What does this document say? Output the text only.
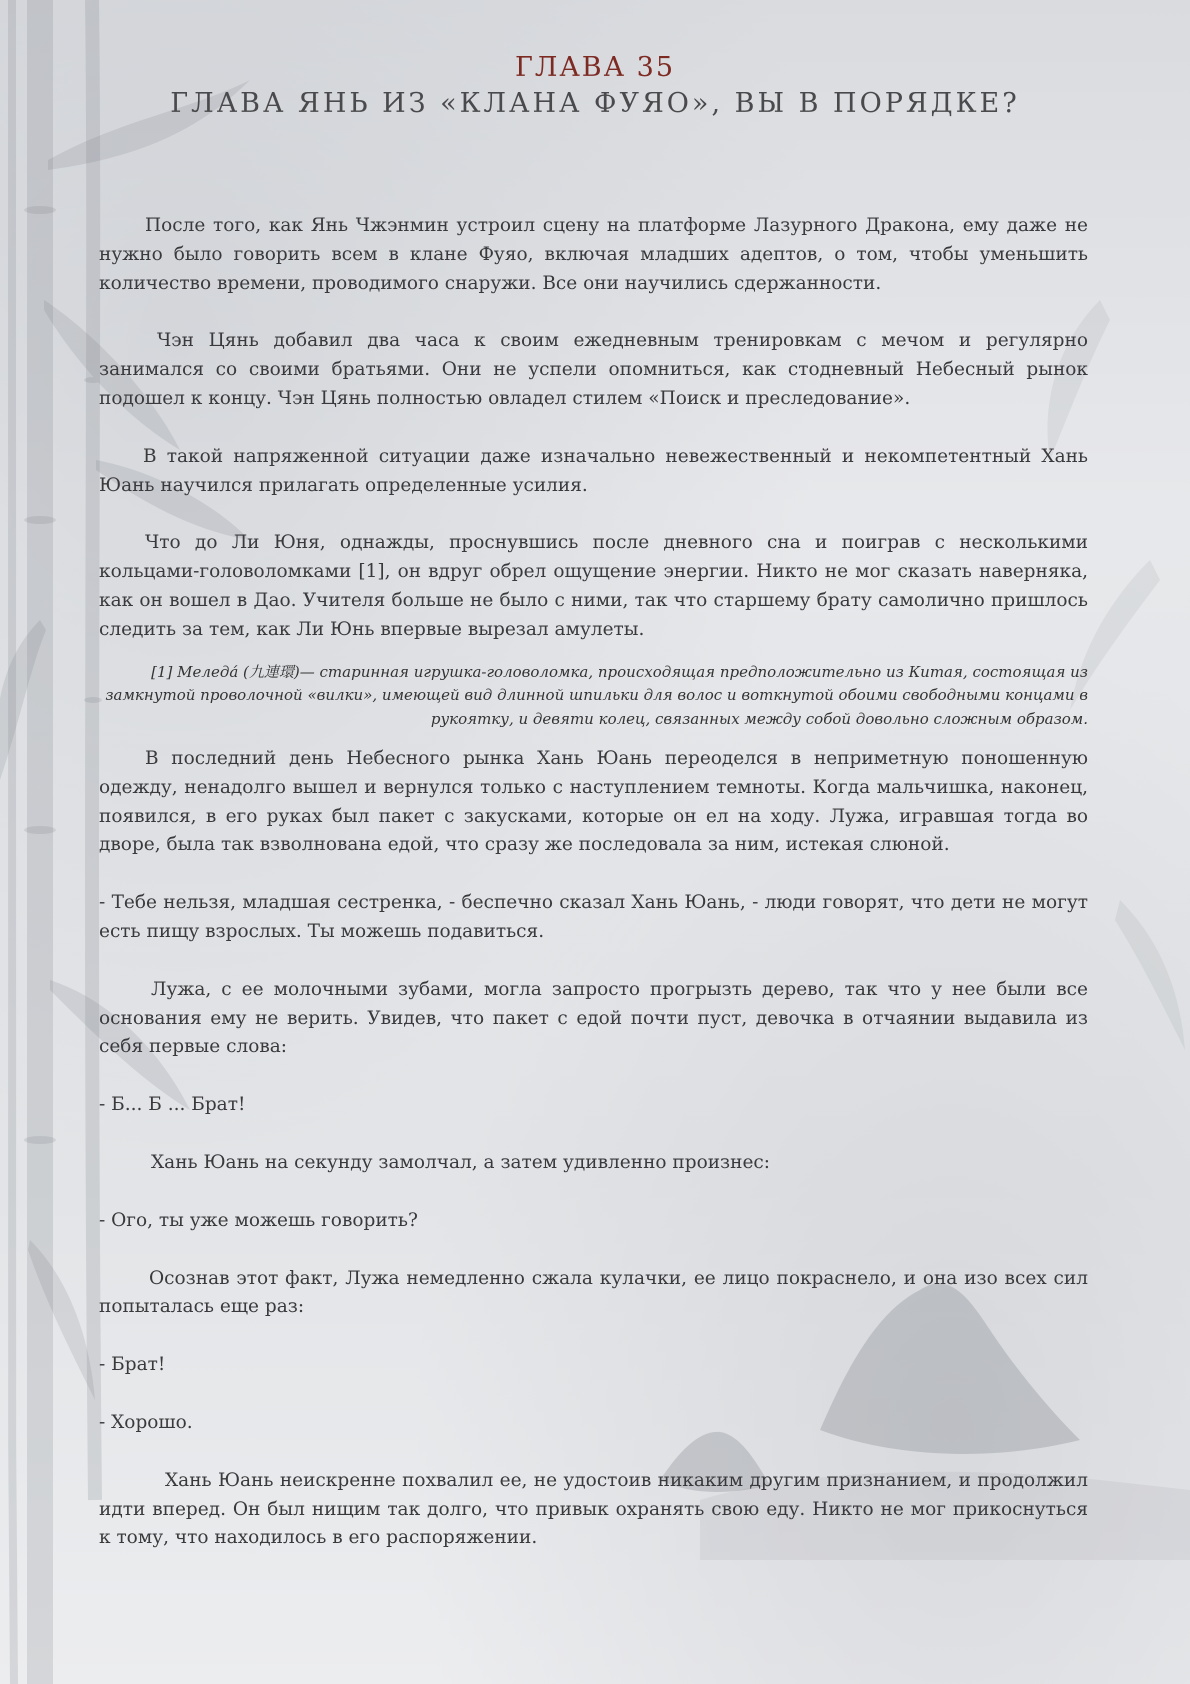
ГЛАВА 35
ГЛАВА ЯНЬ ИЗ «КЛАНА ФУЯО», ВЫ В ПОРЯДКЕ?

После того, как Янь Чжэнмин устроил сцену на платформе Лазурного Дракона, ему даже не нужно было говорить всем в клане Фуяо, включая младших адептов, о том, чтобы уменьшить количество времени, проводимого снаружи. Все они научились сдержанности.

Чэн Цянь добавил два часа к своим ежедневным тренировкам с мечом и регулярно занимался со своими братьями. Они не успели опомниться, как стодневный Небесный рынок подошел к концу. Чэн Цянь полностью овладел стилем «Поиск и преследование».

В такой напряженной ситуации даже изначально невежественный и некомпетентный Хань Юань научился прилагать определенные усилия.

Что до Ли Юня, однажды, проснувшись после дневного сна и поиграв с несколькими кольцами-головоломками [1], он вдруг обрел ощущение энергии. Никто не мог сказать наверняка, как он вошел в Дао. Учителя больше не было с ними, так что старшему брату самолично пришлось следить за тем, как Ли Юнь впервые вырезал амулеты.

[1] Меледа́ (九連環)— старинная игрушка-головоломка, происходящая предположительно из Китая, состоящая из замкнутой проволочной «вилки», имеющей вид длинной шпильки для волос и воткнутой обоими свободными концами в рукоятку, и девяти колец, связанных между собой довольно сложным образом.

В последний день Небесного рынка Хань Юань переоделся в неприметную поношенную одежду, ненадолго вышел и вернулся только с наступлением темноты. Когда мальчишка, наконец, появился, в его руках был пакет с закусками, которые он ел на ходу. Лужа, игравшая тогда во дворе, была так взволнована едой, что сразу же последовала за ним, истекая слюной.

- Тебе нельзя, младшая сестренка, - беспечно сказал Хань Юань, - люди говорят, что дети не могут есть пищу взрослых. Ты можешь подавиться.

Лужа, с ее молочными зубами, могла запросто прогрызть дерево, так что у нее были все основания ему не верить. Увидев, что пакет с едой почти пуст, девочка в отчаянии выдавила из себя первые слова:

- Б... Б ... Брат!

Хань Юань на секунду замолчал, а затем удивленно произнес:

- Ого, ты уже можешь говорить?

Осознав этот факт, Лужа немедленно сжала кулачки, ее лицо покраснело, и она изо всех сил попыталась еще раз:

- Брат!

- Хорошо.

Хань Юань неискренне похвалил ее, не удостоив никаким другим признанием, и продолжил идти вперед. Он был нищим так долго, что привык охранять свою еду. Никто не мог прикоснуться к тому, что находилось в его распоряжении.
